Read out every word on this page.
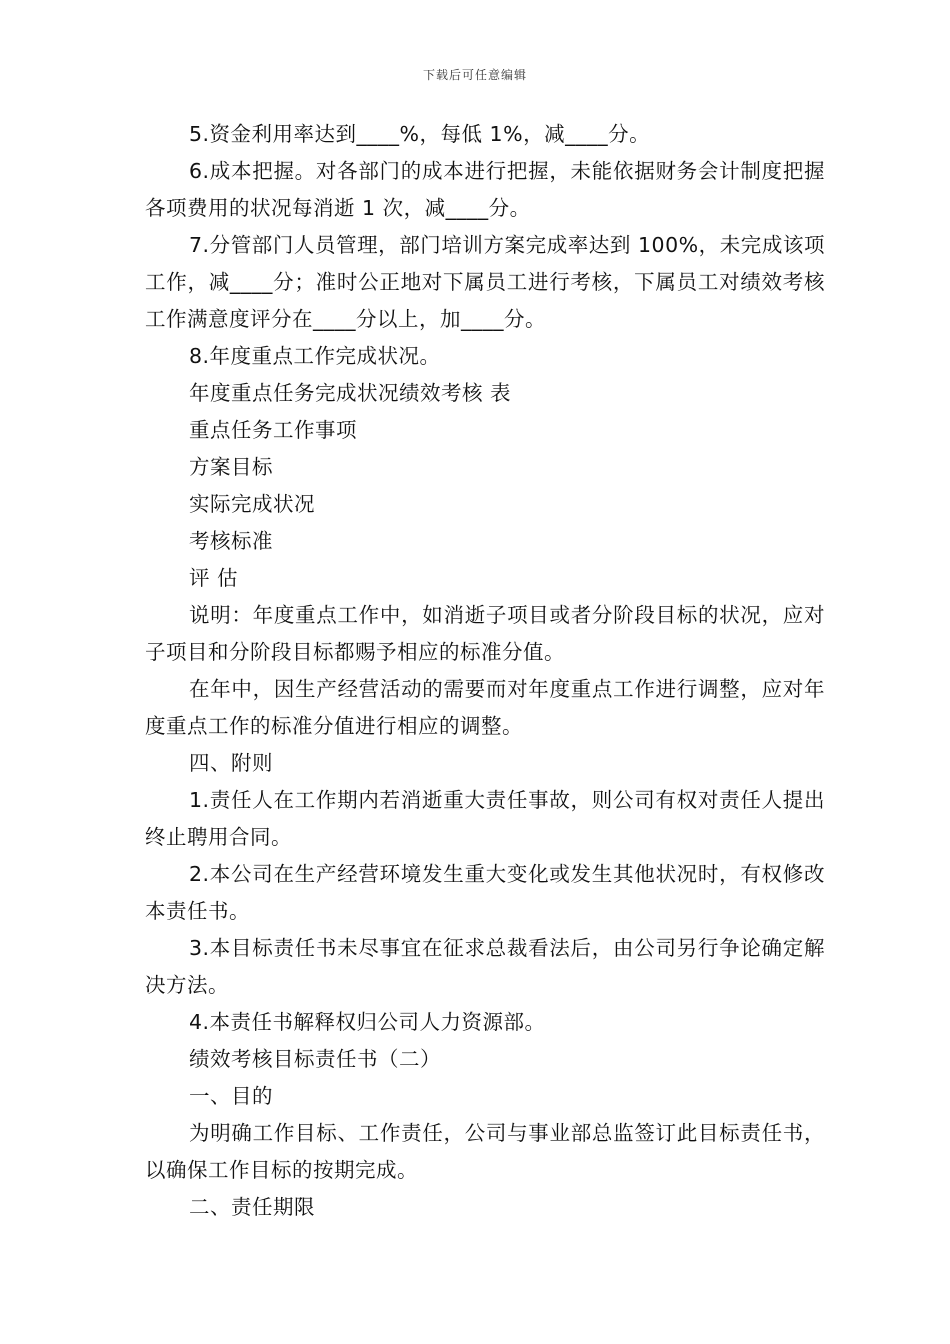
下载后可任意编辑

5.资金利用率达到____%，每低 1%，减____分。

6.成本把握。对各部门的成本进行把握，未能依据财务会计制度把握各项费用的状况每消逝 1 次，减____分。

7.分管部门人员管理，部门培训方案完成率达到 100%，未完成该项工作，减____分；准时公正地对下属员工进行考核，下属员工对绩效考核工作满意度评分在____分以上，加____分。

8.年度重点工作完成状况。

年度重点任务完成状况绩效考核 表

重点任务工作事项

方案目标

实际完成状况

考核标准

评 估

说明：年度重点工作中，如消逝子项目或者分阶段目标的状况，应对子项目和分阶段目标都赐予相应的标准分值。

在年中，因生产经营活动的需要而对年度重点工作进行调整，应对年度重点工作的标准分值进行相应的调整。

四、附则

1.责任人在工作期内若消逝重大责任事故，则公司有权对责任人提出终止聘用合同。

2.本公司在生产经营环境发生重大变化或发生其他状况时，有权修改本责任书。

3.本目标责任书未尽事宜在征求总裁看法后，由公司另行争论确定解决方法。

4.本责任书解释权归公司人力资源部。

绩效考核目标责任书（二）

一、目的

为明确工作目标、工作责任，公司与事业部总监签订此目标责任书，以确保工作目标的按期完成。

二、责任期限
